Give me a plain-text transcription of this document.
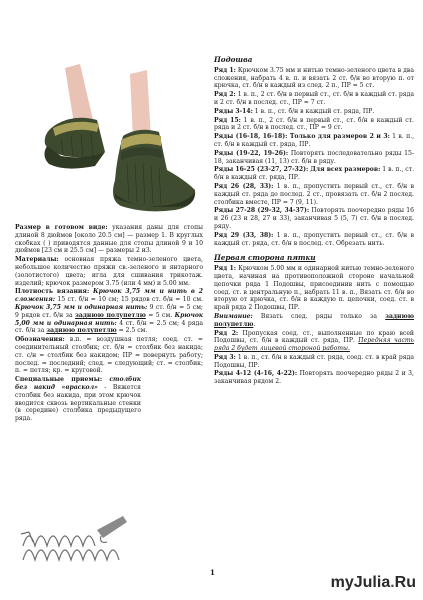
Размер в готовом виде: указания даны для стопы длиной 8 дюймов [около 20.5 см] — размер 1. В круглых скобках ( ) приводятся данные для стопы длиной 9 и 10 дюймов [23 см и 25.5 см] — размеры 2 и3.

Материалы: основная пряжа темно-зеленого цвета, небольшое количество пряжи св.-зеленого и янтарного (золотистого) цвета; игла для сшивания трикотаж. изделий; крючок размером 3.75 (или 4 мм) и 5.00 мм.

Плотность вязания: Крючок 3,75 мм и нить в 2 сложения: 15 ст. б/н = 10 см; 15 рядов ст. б/н = 10 см. Крючок 3,75 мм и одинарная нить: 9 ст. б/н = 5 см; 9 рядов ст. б/н за заднюю полупетлю = 5 см. Крючок 5,00 мм и одинарная нить: 4 ст. б/н = 2.5 см; 4 ряда ст. б/н за заднюю полупетлю = 2.5 см.

Обозначения: в.п. = воздушная петля; соед. ст. = соединительный столбик; ст. б/н = столбик без накида; ст. с/н = столбик без накидом; ПР = повернуть работу; послед. = последний; след. = следующий; ст. = столбик; п. = петля; кр. = круговой.

Специальные приемы: столбик без накид «враскол» - Вяжется столбик без накида, при этом крючок вводится сквозь вертикальные стенки (в середине) столбика предыдущего ряда.

Подошва

Ряд 1: Крючком 3.75 мм и нитью темно-зеленого цвета в два сложения, набрать 4 в. п. и вязать 2 ст. б/н во вторую п. от крючка, ст. б/н в каждый из след. 2 п., ПР = 5 ст.

Ряд 2: 1 в. п., 2 ст. б/н в первый ст., ст. б/н в каждый ст. ряда и 2 ст. б/н в послед. ст., ПР = 7 ст.

Ряды 3-14: 1 в. п., ст. б/н в каждый ст. ряда, ПР.

Ряд 15: 1 в. п., 2 ст. б/н в первый ст., ст. б/н в каждый ст. ряда и 2 ст. б/н в послед. ст., ПР = 9 ст.

Ряды (16-18, 16-18): Только для размеров 2 и 3: 1 в. п., ст. б/н в каждый ст. ряда, ПР.

Ряды (19-22, 19-26): Повторять последовательно ряды 15-18, заканчивая (11, 13) ст. б/н в ряду.

Ряды 16-25 (23-27, 27-32): Для всех размеров: 1 в. п., ст. б/н в каждый ст. ряда, ПР.

Ряд 26 (28, 33): 1 в. п., пропустить первый ст., ст. б/н в каждый ст. ряда до послед. 2 ст., провязать ст. б/н 2 послед. столбика вместе, ПР = 7 (9, 11).

Ряды 27-28 (29-32, 34-37): Повторять поочередно ряды 16 и 26 (23 и 28, 27 и 33), заканчивая 5 (5, 7) ст. б/н в послед. ряду.

Ряд 29 (33, 38): 1 в. п., пропустить первый ст., ст. б/н в каждый ст. ряда, ст. б/н в послед. ст. Обрезать нить.

Первая сторона пятки

Ряд 1: Крючком 5.00 мм и одинарной нитью темно-зеленого цвета, начиная на противоположной стороне начальной цепочки ряда 1 Подошвы, присоединив нить с помощью соед. ст. в центральную п., набрать 11 в. п., Вязать ст. б/н во вторую от крючка, ст. б/н в каждую п. цепочки, соед. ст. в край ряда 2 Подошвы, ПР.

Внимание: Вязать след. ряды только за заднюю полупетлю.

Ряд 2: Пропуская соед. ст., выполненные по краю всей Подошвы, ст. б/н в каждый ст. ряда, ПР. Передняя часть ряда 2 будет лицевой стороной работы.

Ряд 3: 1 в. п., ст. б/н в каждый ст. ряда, соед. ст. в край ряда Подошвы, ПР.

Ряды 4-12 (4-16, 4-22): Повторять поочередно ряды 2 и 3, заканчивая рядом 2.

1
myJulia.Ru
